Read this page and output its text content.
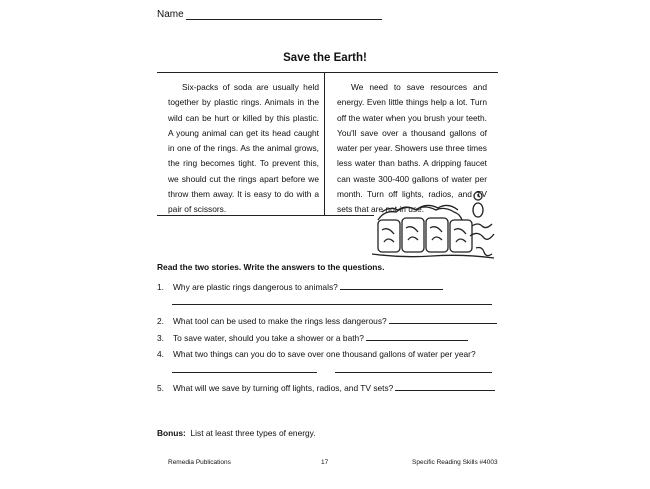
Name
Save the Earth!

Six-packs of soda are usually held together by plastic rings. Animals in the wild can be hurt or killed by this plastic. A young animal can get its head caught in one of the rings. As the animal grows, the ring becomes tight. To prevent this, we should cut the rings apart before we throw them away. It is easy to do with a pair of scissors.

We need to save resources and energy. Even little things help a lot. Turn off the water when you brush your teeth. You'll save over a thousand gallons of water per year. Showers use three times less water than baths. A dripping faucet can waste 300-400 gallons of water per month. Turn off lights, radios, and TV sets that are not in use.

Read the two stories. Write the answers to the questions.
1. Why are plastic rings dangerous to animals?
2. What tool can be used to make the rings less dangerous?
3. To save water, should you take a shower or a bath?
4. What two things can you do to save over one thousand gallons of water per year?
5. What will we save by turning off lights, radios, and TV sets?
Bonus: List at least three types of energy.
Remedia Publications	17	Specific Reading Skills #4003
